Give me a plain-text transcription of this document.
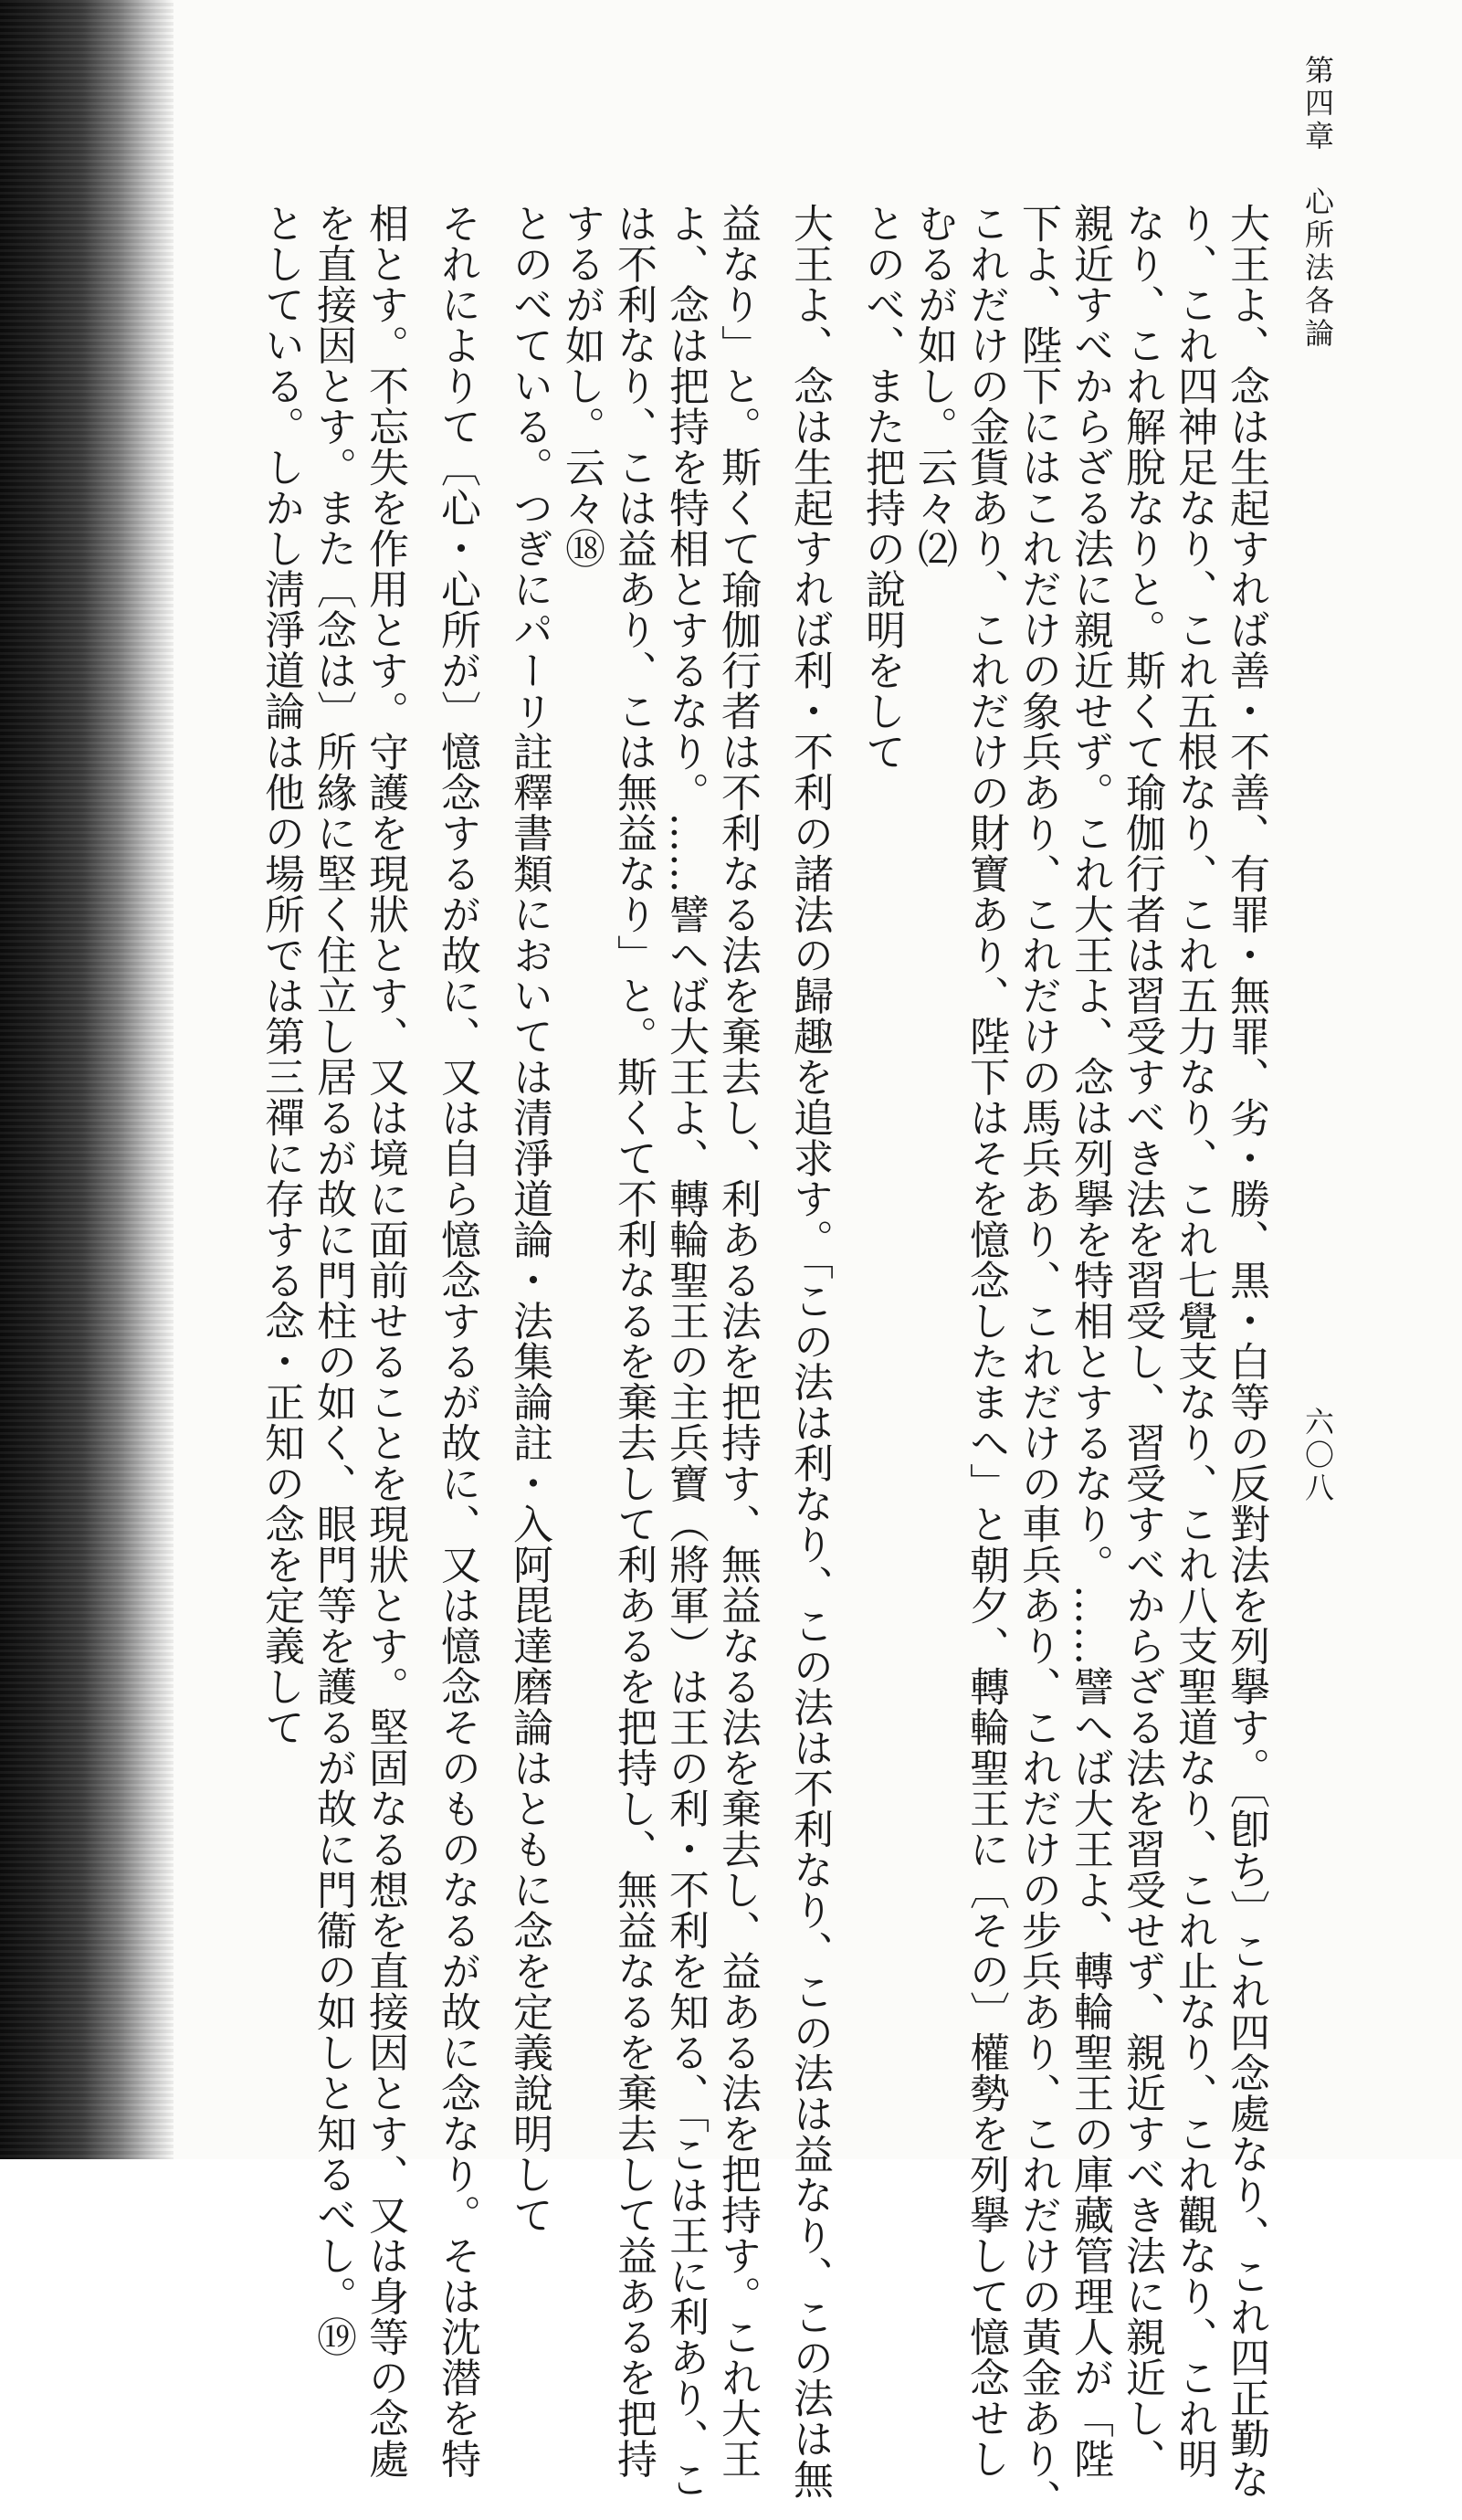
第四章　心所法各論
六〇八
大王よ、念は生起すれば善・不善、有罪・無罪、劣・勝、黒・白等の反對法を列擧す。〔卽ち〕これ四念處なり、これ四正勤な
り、これ四神足なり、これ五根なり、これ五力なり、これ七覺支なり、これ八支聖道なり、これ止なり、これ觀なり、これ明
なり、これ解脫なりと。斯くて瑜伽行者は習受すべき法を習受し、習受すべからざる法を習受せず、親近すべき法に親近し、
親近すべからざる法に親近せず。これ大王よ、念は列擧を特相とするなり。……譬へば大王よ、轉輪聖王の庫藏管理人が「陛
下よ、陛下にはこれだけの象兵あり、これだけの馬兵あり、これだけの車兵あり、これだけの步兵あり、これだけの黃金あり、
これだけの金貨あり、これだけの財寶あり、陛下はそを憶念したまへ」と朝夕、轉輪聖王に〔その〕權勢を列擧して憶念せし
むるが如し。云々⑵
とのべ、また把持の說明をして
大王よ、念は生起すれば利・不利の諸法の歸趣を追求す。「この法は利なり、この法は不利なり、この法は益なり、この法は無
益なり」と。斯くて瑜伽行者は不利なる法を棄去し、利ある法を把持す、無益なる法を棄去し、益ある法を把持す。これ大王
よ、念は把持を特相とするなり。……譬へば大王よ、轉輪聖王の主兵寶（將軍）は王の利・不利を知る、「こは王に利あり、こ
は不利なり、こは益あり、こは無益なり」と。斯くて不利なるを棄去して利あるを把持し、無益なるを棄去して益あるを把持
するが如し。云々⑱
とのべている。つぎにパーリ註釋書類においては清淨道論・法集論註・入阿毘達磨論はともに念を定義說明して
それによりて〔心・心所が〕憶念するが故に、又は自ら憶念するが故に、又は憶念そのものなるが故に念なり。そは沈潜を特
相とす。不忘失を作用とす。守護を現狀とす、又は境に面前せることを現狀とす。堅固なる想を直接因とす、又は身等の念處
を直接因とす。また〔念は〕所緣に堅く住立し居るが故に門柱の如く、眼門等を護るが故に門衞の如しと知るべし。⑲
としている。しかし淸淨道論は他の場所では第三禪に存する念・正知の念を定義して
